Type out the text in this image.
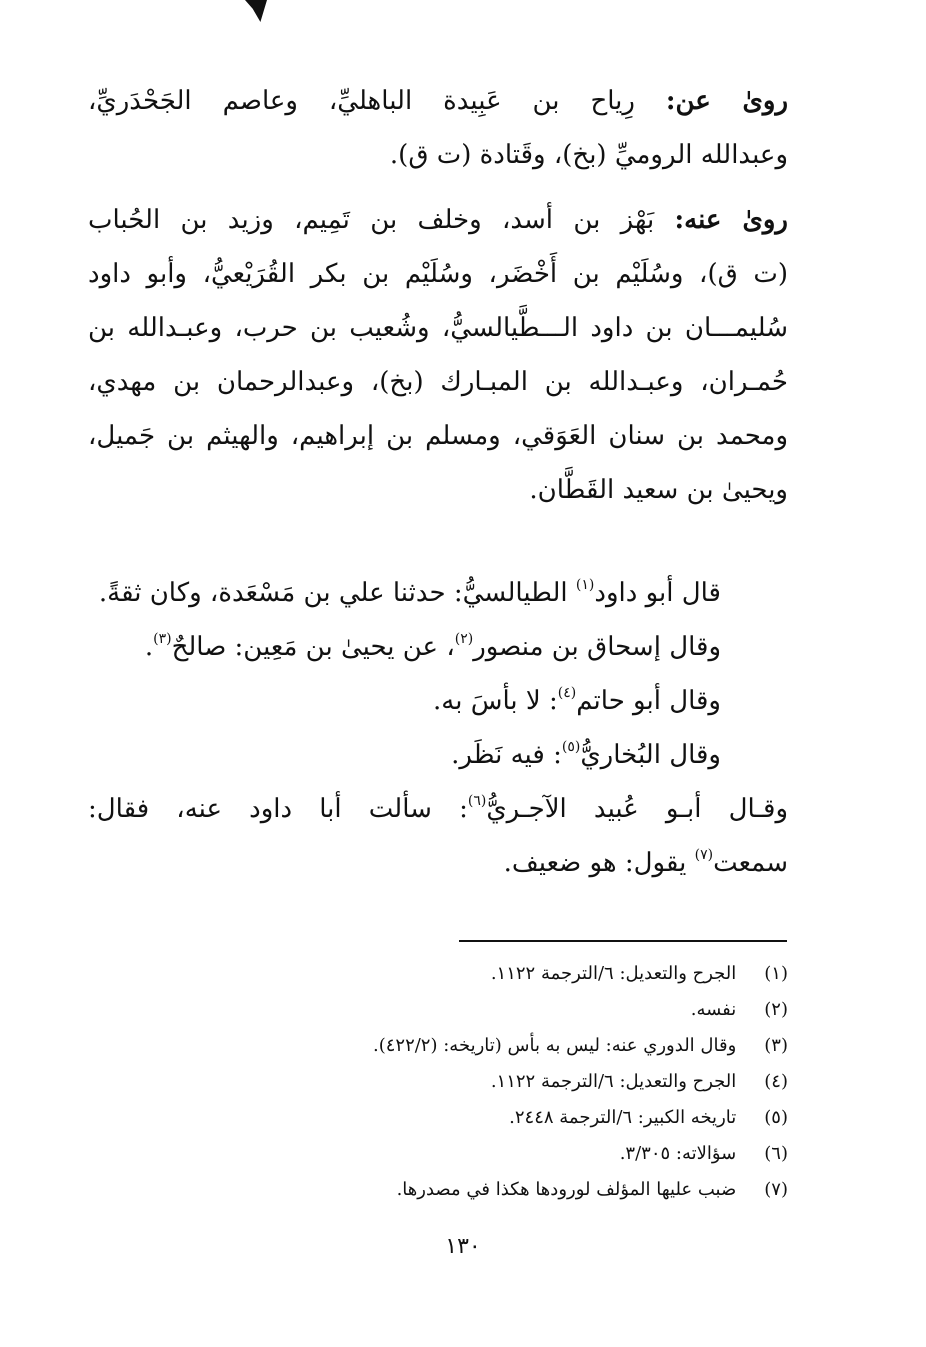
روىٰ عن: رِياح بن عَبِيدة الباهليِّ، وعاصم الجَحْدَريِّ،
وعبدالله الروميِّ (بخ)، وقَتادة (ت ق).
روىٰ عنه: بَهْز بن أسد، وخلف بن تَمِيم، وزيد بن الحُباب
(ت ق)، وسُلَيْم بن أَخْضَر، وسُلَيْم بن بكر القُرَيْعيُّ، وأبو داود
سُليمـــان بن داود الـــطَّيالسيُّ، وشُعيب بن حرب، وعبـدالله بن
حُمـران، وعبـدالله بن المبـارك (بخ)، وعبدالرحمان بن مهدي،
ومحمد بن سنان العَوَقي، ومسلم بن إبراهيم، والهيثم بن جَميل،
ويحيىٰ بن سعيد القَطَّان.
قال أبو داود$^{(١)}$ الطيالسيُّ: حدثنا علي بن مَسْعَدة، وكان ثقةً.
وقال إسحاق بن منصور$^{(٢)}$، عن يحيىٰ بن مَعِين: صالحٌ$^{(٣)}$.
وقال أبو حاتم$^{(٤)}$: لا بأسَ به.
وقال البُخاريُّ$^{(٥)}$: فيه نَظَر.
وقـال أبـو عُبيد الآجـريُّ$^{(٦)}$: سألت أبا داود عنه، فقال:
سمعت$^{(٧)}$ يقول: هو ضعيف.
(١) الجرح والتعديل: ٦/الترجمة ١١٢٢.
(٢) نفسه.
(٣) وقال الدوري عنه: ليس به بأس (تاريخه: (٤٢٢/٢).
(٤) الجرح والتعديل: ٦/الترجمة ١١٢٢.
(٥) تاريخه الكبير: ٦/الترجمة ٢٤٤٨.
(٦) سؤالاته: ٣/٣٠٥.
(٧) ضبب عليها المؤلف لورودها هكذا في مصدرها.
١٣٠
